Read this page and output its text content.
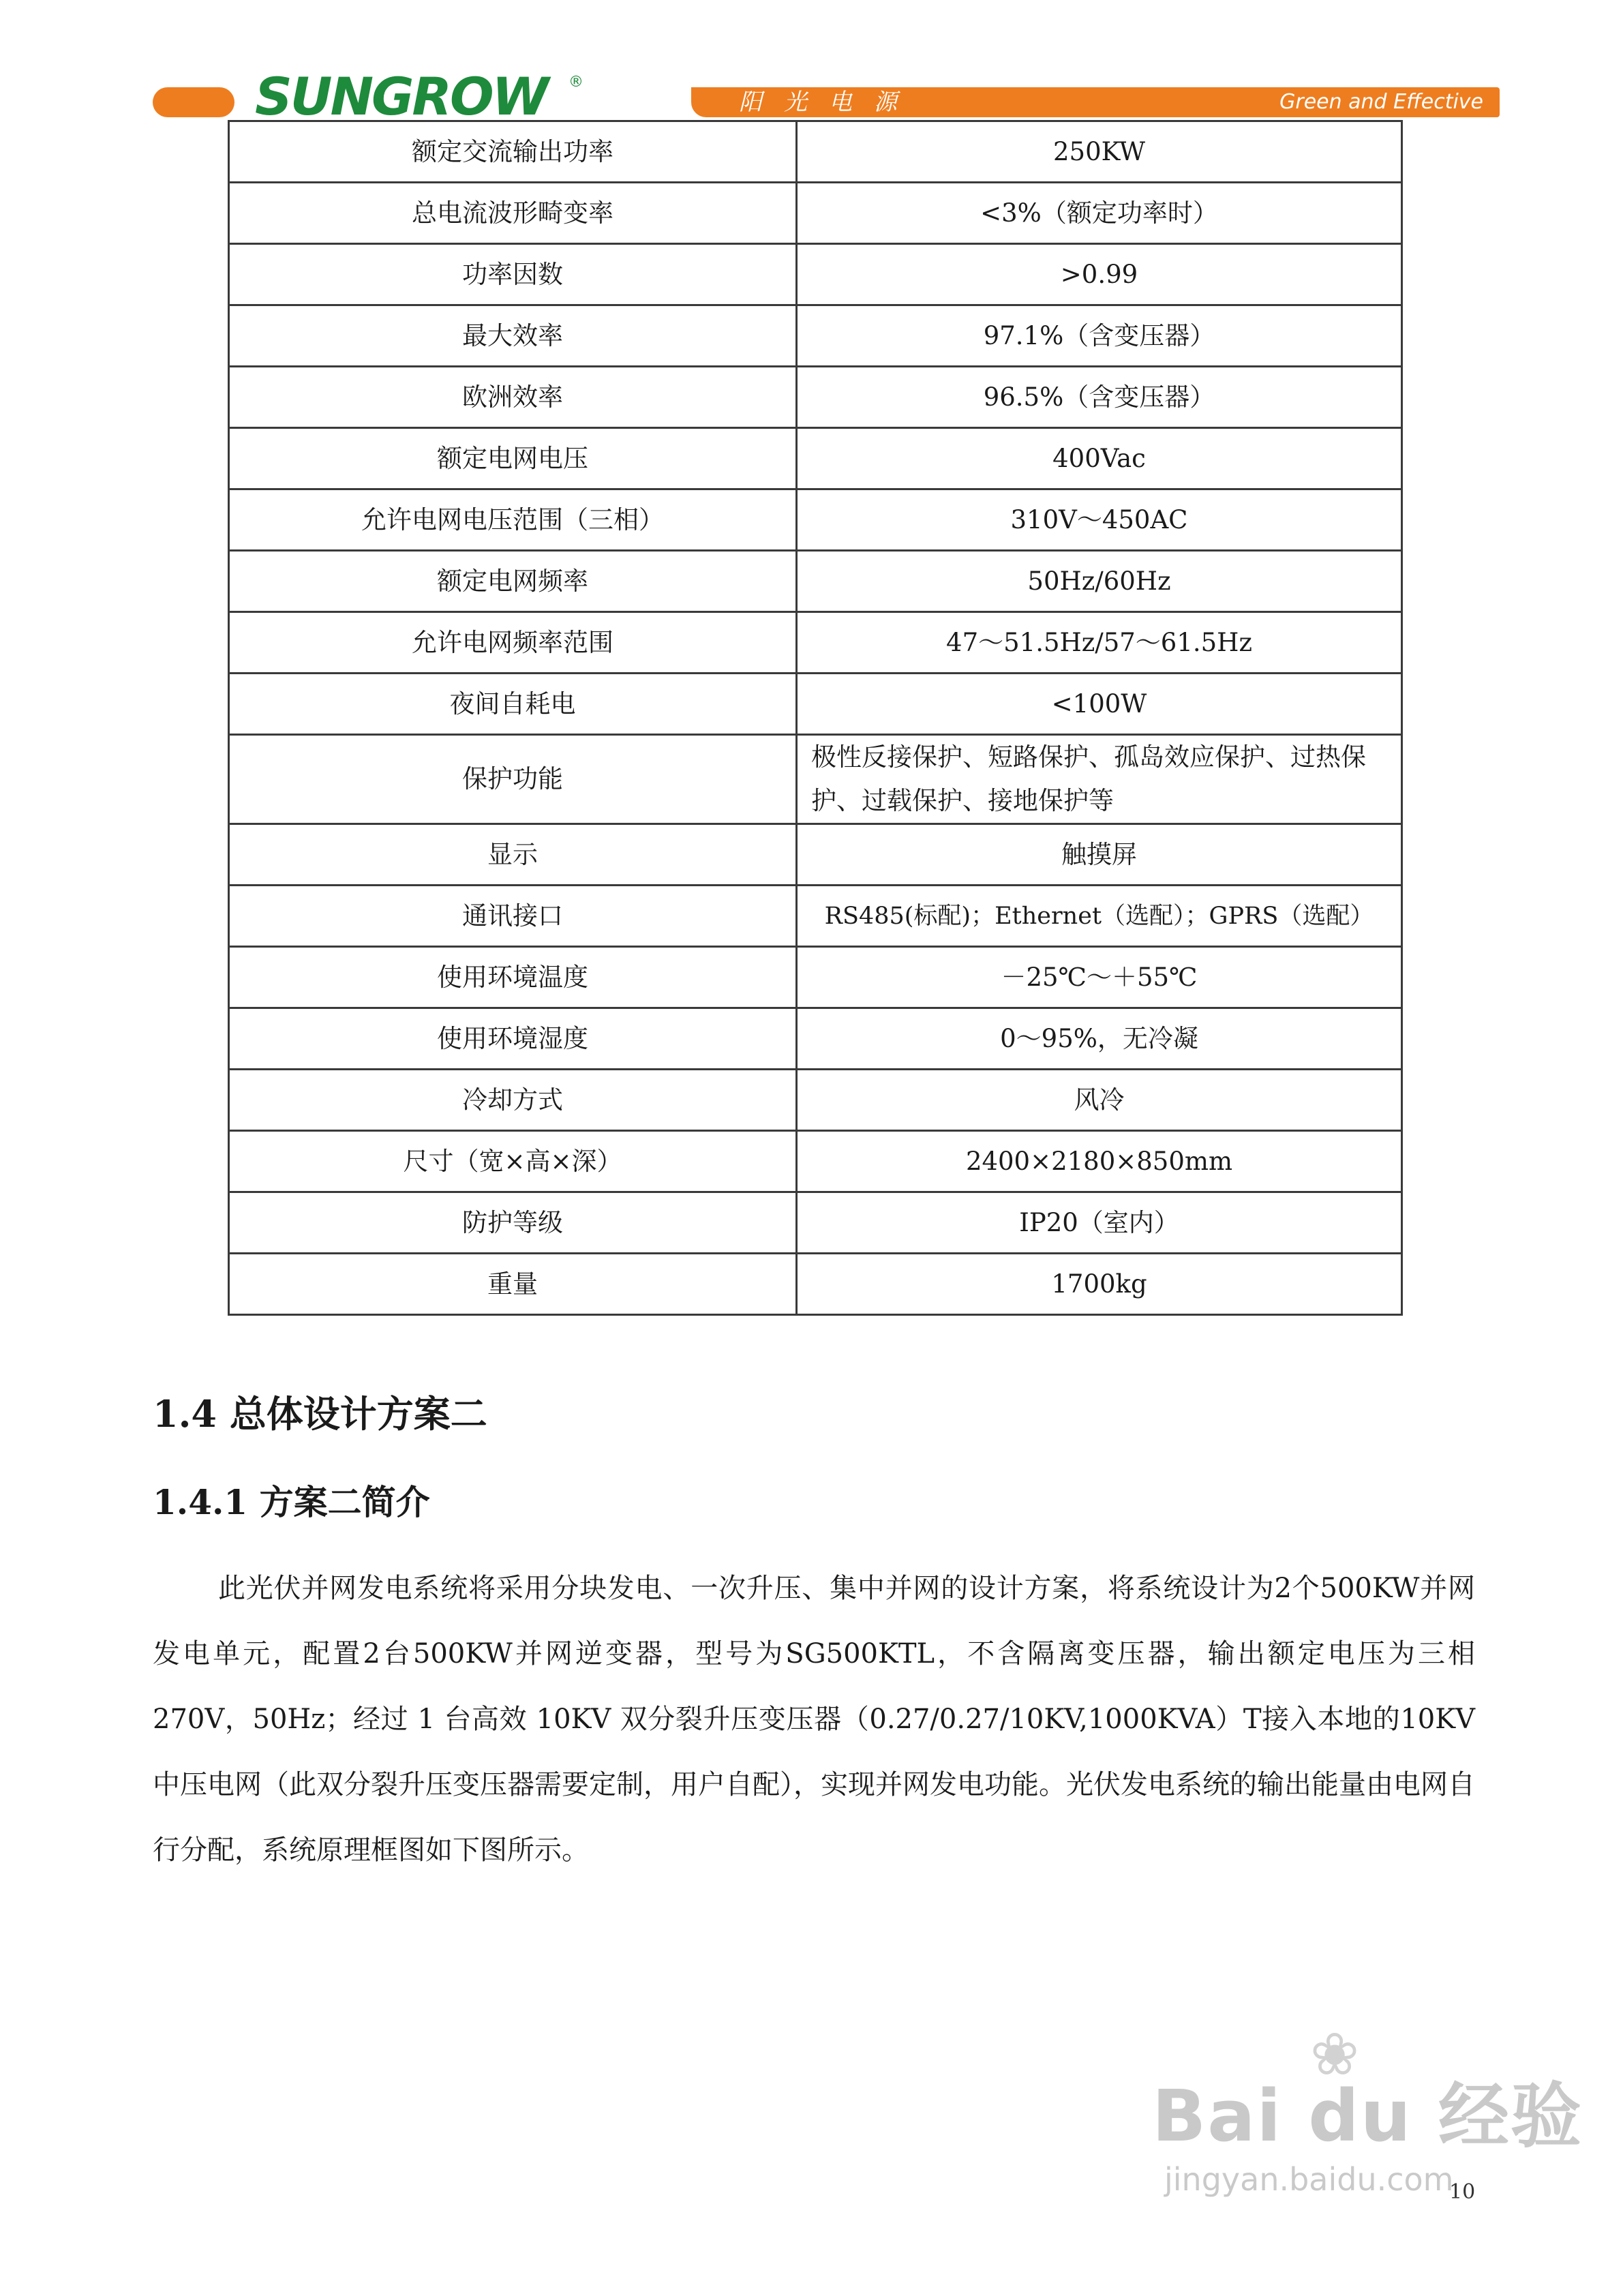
SUNGROW ®
阳光电源	Green and Effective
额定交流输出功率	250KW
总电流波形畸变率	<3%（额定功率时）
功率因数	>0.99
最大效率	97.1%（含变压器）
欧洲效率	96.5%（含变压器）
额定电网电压	400Vac
允许电网电压范围（三相）	310V～450AC
额定电网频率	50Hz/60Hz
允许电网频率范围	47～51.5Hz/57～61.5Hz
夜间自耗电	<100W
保护功能	极性反接保护、短路保护、孤岛效应保护、过热保护、过载保护、接地保护等
显示	触摸屏
通讯接口	RS485(标配)；Ethernet（选配）；GPRS（选配）
使用环境温度	－25℃～＋55℃
使用环境湿度	0～95%，无冷凝
冷却方式	风冷
尺寸（宽×高×深）	2400×2180×850mm
防护等级	IP20（室内）
重量	1700kg
1.4 总体设计方案二
1.4.1 方案二简介

此光伏并网发电系统将采用分块发电、一次升压、集中并网的设计方案，将系统设计为2个500KW并网发电单元，配置2台500KW并网逆变器，型号为SG500KTL，不含隔离变压器，输出额定电压为三相 270V，50Hz；经过 1 台高效 10KV 双分裂升压变压器（0.27/0.27/10KV,1000KVA）T接入本地的10KV中压电网（此双分裂升压变压器需要定制，用户自配），实现并网发电功能。光伏发电系统的输出能量由电网自行分配，系统原理框图如下图所示。

❀
Bai du 经验
jingyan.baidu.com
10
